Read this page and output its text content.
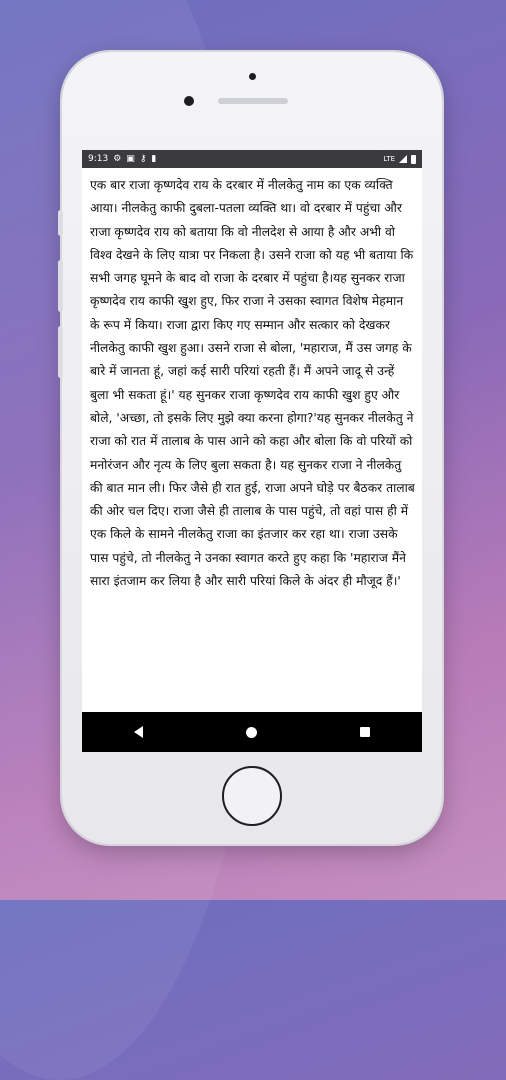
9:13 ⚙ ▣ ⚷ ▮	LTE
एक बार राजा कृष्णदेव राय के दरबार में नीलकेतु नाम का एक व्यक्ति आया। नीलकेतु काफी दुबला-पतला व्यक्ति था। वो दरबार में पहुंचा और राजा कृष्णदेव राय को बताया कि वो नीलदेश से आया है और अभी वो विश्व देखने के लिए यात्रा पर निकला है। उसने राजा को यह भी बताया कि सभी जगह घूमने के बाद वो राजा के दरबार में पहुंचा है।यह सुनकर राजा कृष्णदेव राय काफी खुश हुए, फिर राजा ने उसका स्वागत विशेष मेहमान के रूप में किया। राजा द्वारा किए गए सम्मान और सत्कार को देखकर नीलकेतु काफी खुश हुआ। उसने राजा से बोला, 'महाराज, मैं उस जगह के बारे में जानता हूं, जहां कई सारी परियां रहती हैं। मैं अपने जादू से उन्हें बुला भी सकता हूं।' यह सुनकर राजा कृष्णदेव राय काफी खुश हुए और बोले, 'अच्छा, तो इसके लिए मुझे क्या करना होगा?'यह सुनकर नीलकेतु ने राजा को रात में तालाब के पास आने को कहा और बोला कि वो परियों को मनोरंजन और नृत्य के लिए बुला सकता है। यह सुनकर राजा ने नीलकेतु की बात मान ली। फिर जैसे ही रात हुई, राजा अपने घोड़े पर बैठकर तालाब की ओर चल दिए। राजा जैसे ही तालाब के पास पहुंचे, तो वहां पास ही में एक किले के सामने नीलकेतु राजा का इंतजार कर रहा था। राजा उसके पास पहुंचे, तो नीलकेतु ने उनका स्वागत करते हुए कहा कि 'महाराज मैंने सारा इंतजाम कर लिया है और सारी परियां किले के अंदर ही मौजूद हैं।'
